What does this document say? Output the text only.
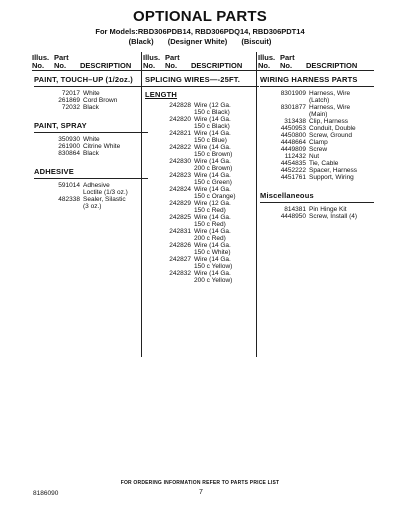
OPTIONAL PARTS
For Models:RBD306PDB14, RBD306PDQ14, RBD306PDT14
(Black) (Designer White) (Biscuit)
Illus. Part
No. No. DESCRIPTION
PAINT, TOUCH–UP (1/2oz.)
72017 White
261869 Cord Brown
72032 Black
PAINT, SPRAY
350930 White
261900 Citrine White
830864 Black
ADHESIVE
591014 Adhesive
Loctite (1/3 oz.)
482338 Sealer, Silastic
(3 oz.)
Illus. Part
No. No. DESCRIPTION
SPLICING WIRES—-25FT.
LENGTH
242828 Wire (12 Ga.
150 c Black)
242820 Wire (14 Ga.
150 c Black)
242821 Wire (14 Ga.
150 c Blue)
242822 Wire (14 Ga.
150 c Brown)
242830 Wire (14 Ga.
200 c Brown)
242823 Wire (14 Ga.
150 c Green)
242824 Wire (14 Ga.
150 c Orange)
242829 Wire (12 Ga.
150 c Red)
242825 Wire (14 Ga.
150 c Red)
242831 Wire (14 Ga.
200 c Red)
242826 Wire (14 Ga.
150 c White)
242827 Wire (14 Ga.
150 c Yellow)
242832 Wire (14 Ga.
200 c Yellow)
Illus. Part
No. No. DESCRIPTION
WIRING HARNESS PARTS
8301909 Harness, Wire
(Latch)
8301877 Harness, Wire
(Main)
313438 Clip, Harness
4450953 Conduit, Double
4450800 Screw, Ground
4448664 Clamp
4449809 Screw
112432 Nut
4454835 Tie, Cable
4452222 Spacer, Harness
4451761 Support, Wiring
Miscellaneous
814381 Pin Hinge Kit
4448950 Screw, Install (4)
FOR ORDERING INFORMATION REFER TO PARTS PRICE LIST
8186090	7
